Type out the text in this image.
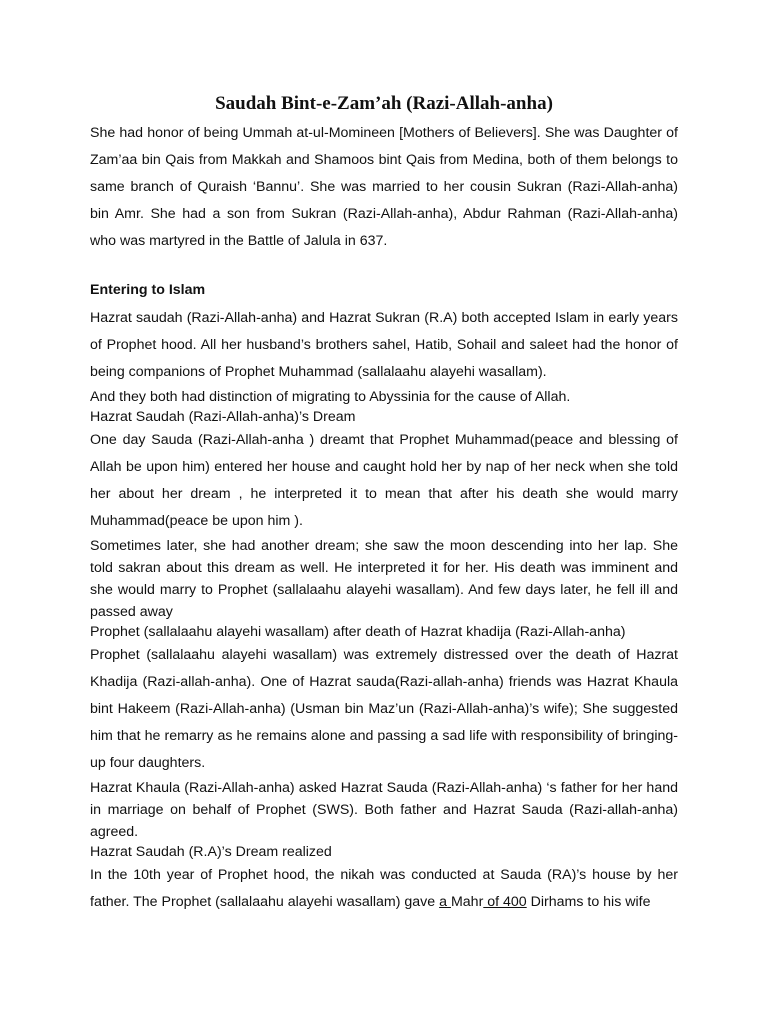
Saudah Bint-e-Zam’ah (Razi-Allah-anha)

She had honor of being Ummah at-ul-Momineen [Mothers of Believers]. She was Daughter of Zam’aa bin Qais from Makkah and Shamoos bint Qais from Medina, both of them belongs to same branch of Quraish ‘Bannu’. She was married to her cousin Sukran (Razi-Allah-anha) bin Amr. She had a son from Sukran (Razi-Allah-anha), Abdur Rahman (Razi-Allah-anha) who was martyred in the Battle of Jalula in 637.

Entering to Islam

Hazrat saudah (Razi-Allah-anha) and Hazrat Sukran (R.A) both accepted Islam in early years of Prophet hood. All her husband’s brothers sahel, Hatib, Sohail and saleet had the honor of being companions of Prophet Muhammad (sallalaahu alayehi wasallam).

And they both had distinction of migrating to Abyssinia for the cause of Allah.

Hazrat Saudah (Razi-Allah-anha)’s Dream

One day Sauda (Razi-Allah-anha ) dreamt that Prophet Muhammad(peace and blessing of Allah be upon him) entered her house and caught hold her by nap of her neck when she told her about her dream , he interpreted it to mean that after his death she would marry Muhammad(peace be upon him ).

Sometimes later, she had another dream; she saw the moon descending into her lap. She told sakran about this dream as well. He interpreted it for her. His death was imminent and she would marry to Prophet (sallalaahu alayehi wasallam). And few days later, he fell ill and passed away

Prophet (sallalaahu alayehi wasallam) after death of Hazrat khadija (Razi-Allah-anha)

Prophet (sallalaahu alayehi wasallam) was extremely distressed over the death of Hazrat Khadija (Razi-allah-anha). One of Hazrat sauda(Razi-allah-anha) friends was Hazrat Khaula bint Hakeem (Razi-Allah-anha) (Usman bin Maz’un (Razi-Allah-anha)’s wife); She suggested him that he remarry as he remains alone and passing a sad life with responsibility of bringing-up four daughters.

Hazrat Khaula (Razi-Allah-anha) asked Hazrat Sauda (Razi-Allah-anha) ‘s father for her hand in marriage on behalf of Prophet (SWS). Both father and Hazrat Sauda (Razi-allah-anha) agreed.

Hazrat Saudah (R.A)’s Dream realized

In the 10th year of Prophet hood, the nikah was conducted at Sauda (RA)’s house by her father. The Prophet (sallalaahu alayehi wasallam) gave a Mahr of 400 Dirhams to his wife
